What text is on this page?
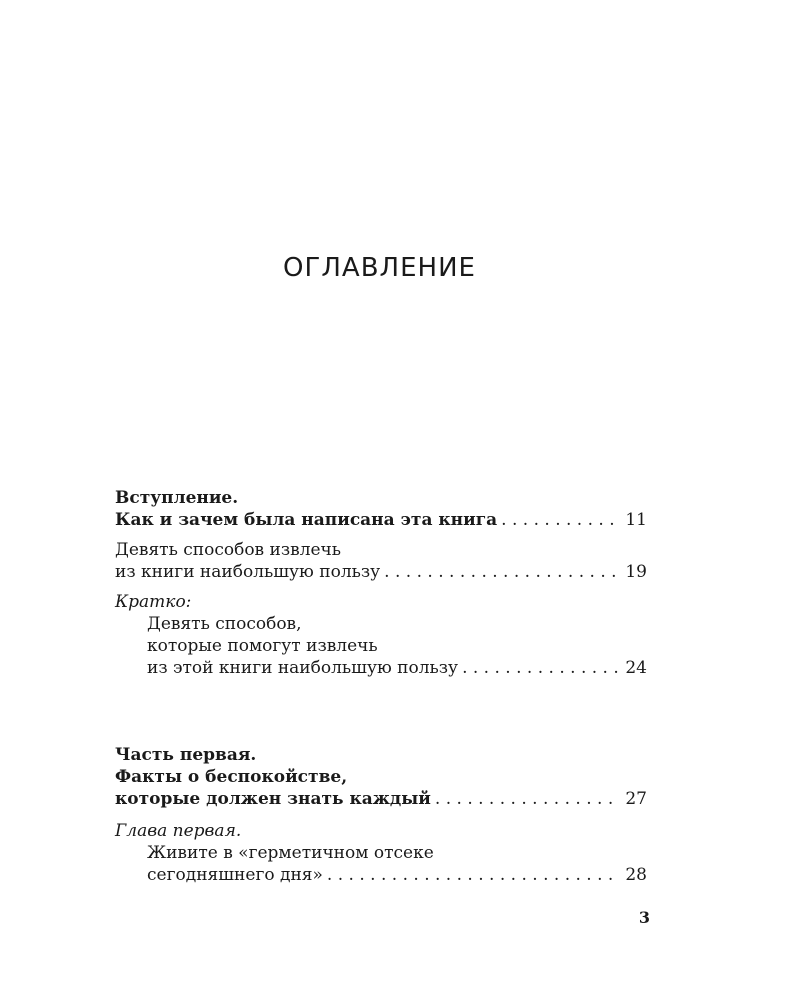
ОГЛАВЛЕНИЕ
Вступление.
Как и зачем была написана эта книга . . .	11
Девять способов извлечь
из книги наибольшую пользу . . .	19
Кратко:
Девять способов,
которые помогут извлечь
из этой книги наибольшую пользу . . .	24
Часть первая.
Факты о беспокойстве,
которые должен знать каждый . . .	27
Глава первая.
Живите в «герметичном отсеке
сегодняшнего дня» . . .	28
3
